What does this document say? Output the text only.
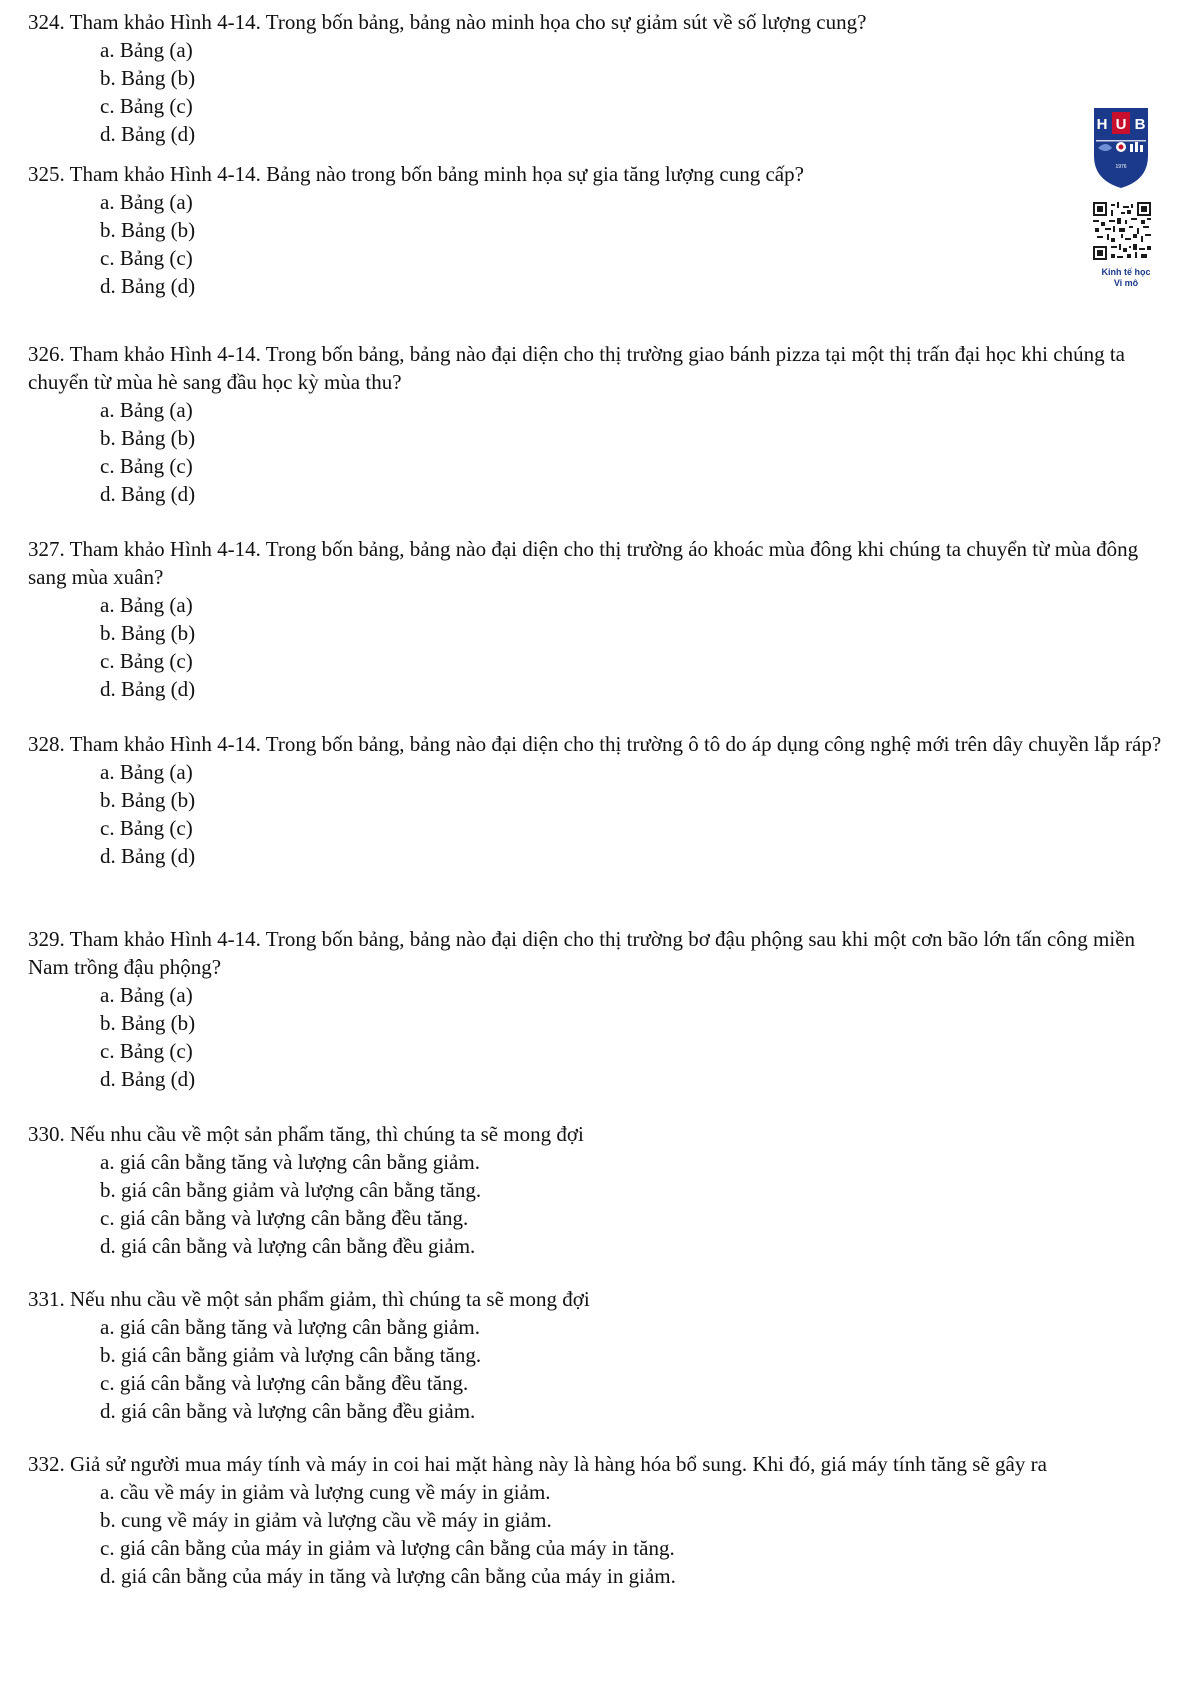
324. Tham khảo Hình 4-14. Trong bốn bảng, bảng nào minh họa cho sự giảm sút về số lượng cung?

a. Bảng (a)
b. Bảng (b)
c. Bảng (c)
d. Bảng (d)

325. Tham khảo Hình 4-14. Bảng nào trong bốn bảng minh họa sự gia tăng lượng cung cấp?

a. Bảng (a)
b. Bảng (b)
c. Bảng (c)
d. Bảng (d)

326. Tham khảo Hình 4-14. Trong bốn bảng, bảng nào đại diện cho thị trường giao bánh pizza tại một thị trấn đại học khi chúng ta chuyển từ mùa hè sang đầu học kỳ mùa thu?

a. Bảng (a)
b. Bảng (b)
c. Bảng (c)
d. Bảng (d)

327. Tham khảo Hình 4-14. Trong bốn bảng, bảng nào đại diện cho thị trường áo khoác mùa đông khi chúng ta chuyển từ mùa đông sang mùa xuân?

a. Bảng (a)
b. Bảng (b)
c. Bảng (c)
d. Bảng (d)

328. Tham khảo Hình 4-14. Trong bốn bảng, bảng nào đại diện cho thị trường ô tô do áp dụng công nghệ mới trên dây chuyền lắp ráp?

a. Bảng (a)
b. Bảng (b)
c. Bảng (c)
d. Bảng (d)

329. Tham khảo Hình 4-14. Trong bốn bảng, bảng nào đại diện cho thị trường bơ đậu phộng sau khi một cơn bão lớn tấn công miền Nam trồng đậu phộng?

a. Bảng (a)
b. Bảng (b)
c. Bảng (c)
d. Bảng (d)

330. Nếu nhu cầu về một sản phẩm tăng, thì chúng ta sẽ mong đợi

a. giá cân bằng tăng và lượng cân bằng giảm.
b. giá cân bằng giảm và lượng cân bằng tăng.
c. giá cân bằng và lượng cân bằng đều tăng.
d. giá cân bằng và lượng cân bằng đều giảm.

331. Nếu nhu cầu về một sản phẩm giảm, thì chúng ta sẽ mong đợi

a. giá cân bằng tăng và lượng cân bằng giảm.
b. giá cân bằng giảm và lượng cân bằng tăng.
c. giá cân bằng và lượng cân bằng đều tăng.
d. giá cân bằng và lượng cân bằng đều giảm.

332. Giả sử người mua máy tính và máy in coi hai mặt hàng này là hàng hóa bổ sung. Khi đó, giá máy tính tăng sẽ gây ra

a. cầu về máy in giảm và lượng cung về máy in giảm.
b. cung về máy in giảm và lượng cầu về máy in giảm.
c. giá cân bằng của máy in giảm và lượng cân bằng của máy in tăng.
d. giá cân bằng của máy in tăng và lượng cân bằng của máy in giảm.
H U B
1976
Kinh tế học
Vi mô
